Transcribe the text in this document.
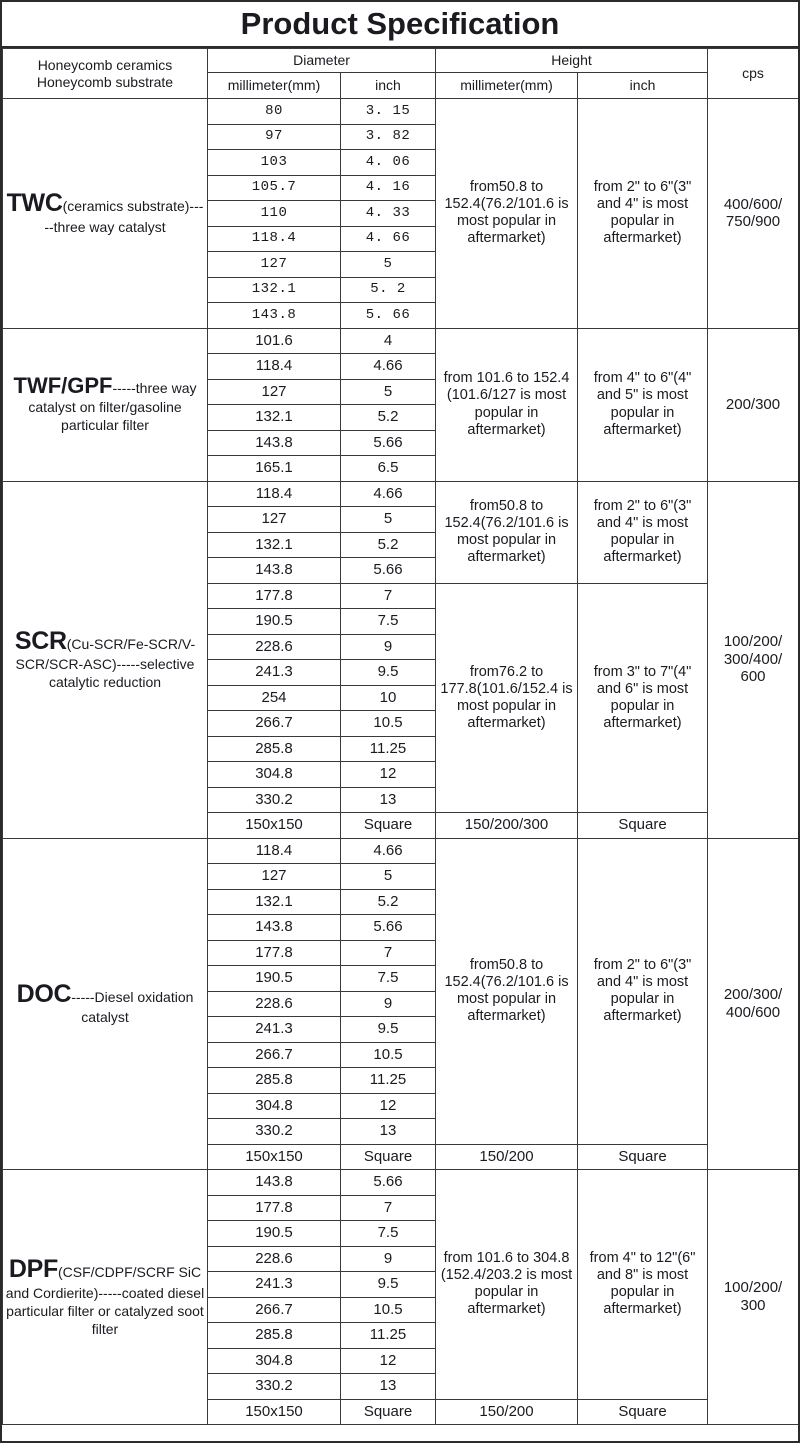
Product Specification
Honeycomb ceramics
Honeycomb substrate	Diameter		Height		cps
	millimeter(mm)	inch	millimeter(mm)	inch	
TWC(ceramics substrate)-----three way catalyst	80	3. 15	from50.8 to 152.4(76.2/101.6 is most popular in aftermarket)	from 2" to 6"(3" and 4" is most popular in aftermarket)	400/600/ 750/900
	97	3. 82			
	103	4. 06			
	105.7	4. 16			
	110	4. 33			
	118.4	4. 66			
	127	5			
	132.1	5. 2			
	143.8	5. 66			
TWF/GPF-----three way catalyst on filter/gasoline particular filter	101.6	4	from 101.6 to 152.4 (101.6/127 is most popular in aftermarket)	from 4" to 6"(4" and 5" is most popular in aftermarket)	200/300
	118.4	4.66			
	127	5			
	132.1	5.2			
	143.8	5.66			
	165.1	6.5			
SCR(Cu-SCR/Fe-SCR/V-SCR/SCR-ASC)-----selective catalytic reduction	118.4	4.66	from50.8 to 152.4(76.2/101.6 is most popular in aftermarket)	from 2" to 6"(3" and 4" is most popular in aftermarket)	100/200/ 300/400/ 600
	127	5			
	132.1	5.2			
	143.8	5.66			
	177.8	7	from76.2 to 177.8(101.6/152.4 is most popular in aftermarket)	from 3" to 7"(4" and 6" is most popular in aftermarket)	
	190.5	7.5			
	228.6	9			
	241.3	9.5			
	254	10			
	266.7	10.5			
	285.8	11.25			
	304.8	12			
	330.2	13			
	150x150	Square	150/200/300	Square	
DOC-----Diesel oxidation catalyst	118.4	4.66	from50.8 to 152.4(76.2/101.6 is most popular in aftermarket)	from 2" to 6"(3" and 4" is most popular in aftermarket)	200/300/ 400/600
	127	5			
	132.1	5.2			
	143.8	5.66			
	177.8	7			
	190.5	7.5			
	228.6	9			
	241.3	9.5			
	266.7	10.5			
	285.8	11.25			
	304.8	12			
	330.2	13			
	150x150	Square	150/200	Square	
DPF(CSF/CDPF/SCRF SiC and Cordierite)-----coated diesel particular filter or catalyzed soot filter	143.8	5.66	from 101.6 to 304.8 (152.4/203.2 is most popular in aftermarket)	from 4" to 12"(6" and 8" is most popular in aftermarket)	100/200/ 300
	177.8	7			
	190.5	7.5			
	228.6	9			
	241.3	9.5			
	266.7	10.5			
	285.8	11.25			
	304.8	12			
	330.2	13			
	150x150	Square	150/200	Square	
